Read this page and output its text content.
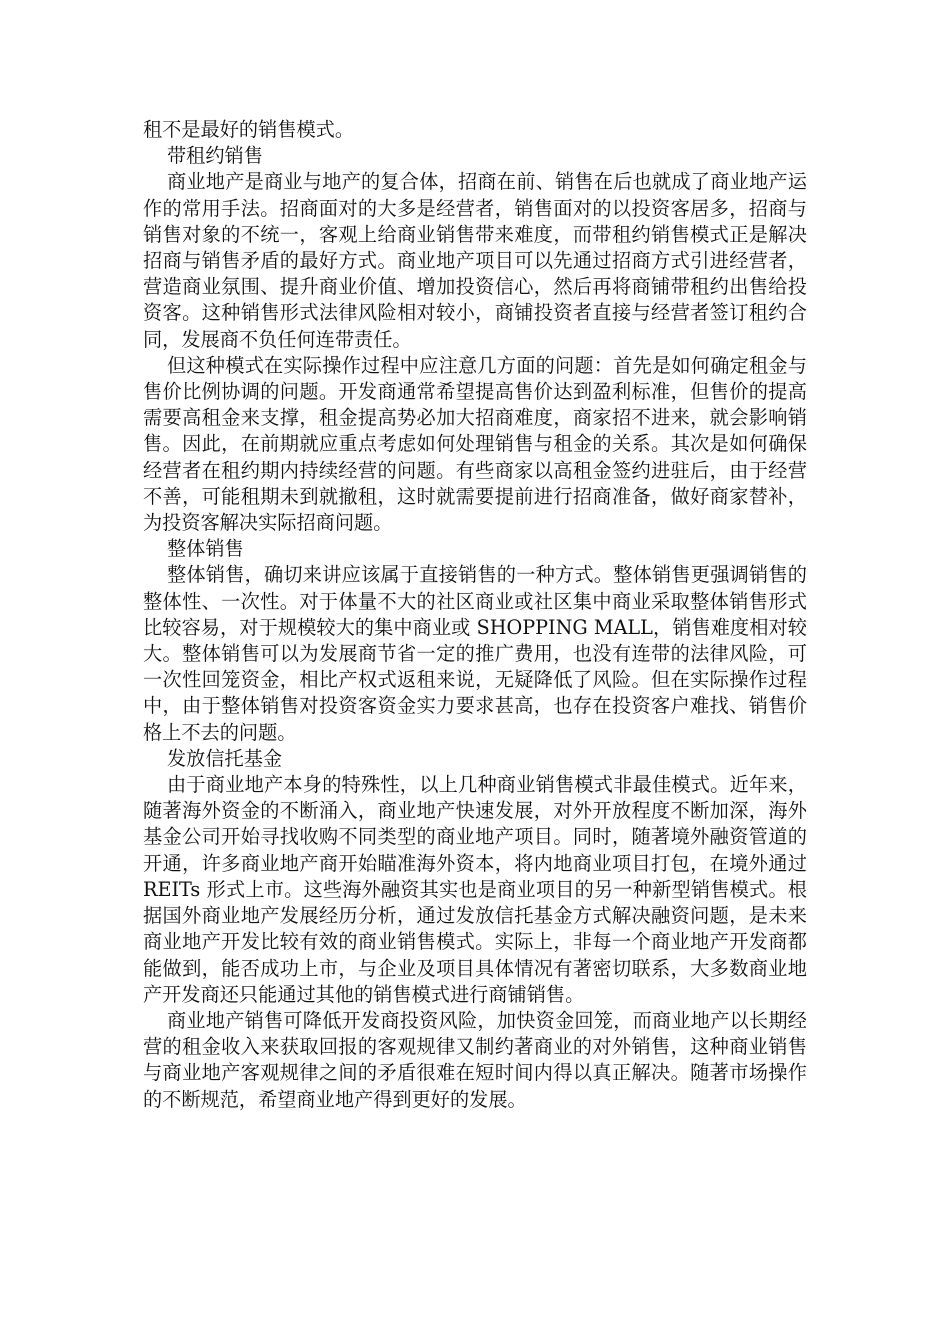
租不是最好的销售模式。

带租约销售

商业地产是商业与地产的复合体，招商在前、销售在后也就成了商业地产运作的常用手法。招商面对的大多是经营者，销售面对的以投资客居多，招商与销售对象的不统一，客观上给商业销售带来难度，而带租约销售模式正是解决招商与销售矛盾的最好方式。商业地产项目可以先通过招商方式引进经营者，营造商业氛围、提升商业价值、增加投资信心，然后再将商铺带租约出售给投资客。这种销售形式法律风险相对较小，商铺投资者直接与经营者签订租约合同，发展商不负任何连带责任。

但这种模式在实际操作过程中应注意几方面的问题：首先是如何确定租金与售价比例协调的问题。开发商通常希望提高售价达到盈利标准，但售价的提高需要高租金来支撑，租金提高势必加大招商难度，商家招不进来，就会影响销售。因此，在前期就应重点考虑如何处理销售与租金的关系。其次是如何确保经营者在租约期内持续经营的问题。有些商家以高租金签约进驻后，由于经营不善，可能租期未到就撤租，这时就需要提前进行招商准备，做好商家替补，为投资客解决实际招商问题。

整体销售

整体销售，确切来讲应该属于直接销售的一种方式。整体销售更强调销售的整体性、一次性。对于体量不大的社区商业或社区集中商业采取整体销售形式比较容易，对于规模较大的集中商业或 SHOPPING MALL，销售难度相对较大。整体销售可以为发展商节省一定的推广费用，也没有连带的法律风险，可一次性回笼资金，相比产权式返租来说，无疑降低了风险。但在实际操作过程中，由于整体销售对投资客资金实力要求甚高，也存在投资客户难找、销售价格上不去的问题。

发放信托基金

由于商业地产本身的特殊性，以上几种商业销售模式非最佳模式。近年来，随著海外资金的不断涌入，商业地产快速发展，对外开放程度不断加深，海外基金公司开始寻找收购不同类型的商业地产项目。同时，随著境外融资管道的开通，许多商业地产商开始瞄准海外资本，将内地商业项目打包，在境外通过 REITs 形式上市。这些海外融资其实也是商业项目的另一种新型销售模式。根据国外商业地产发展经历分析，通过发放信托基金方式解决融资问题，是未来商业地产开发比较有效的商业销售模式。实际上，非每一个商业地产开发商都能做到，能否成功上市，与企业及项目具体情况有著密切联系，大多数商业地产开发商还只能通过其他的销售模式进行商铺销售。

商业地产销售可降低开发商投资风险，加快资金回笼，而商业地产以长期经营的租金收入来获取回报的客观规律又制约著商业的对外销售，这种商业销售与商业地产客观规律之间的矛盾很难在短时间内得以真正解决。随著市场操作的不断规范，希望商业地产得到更好的发展。
